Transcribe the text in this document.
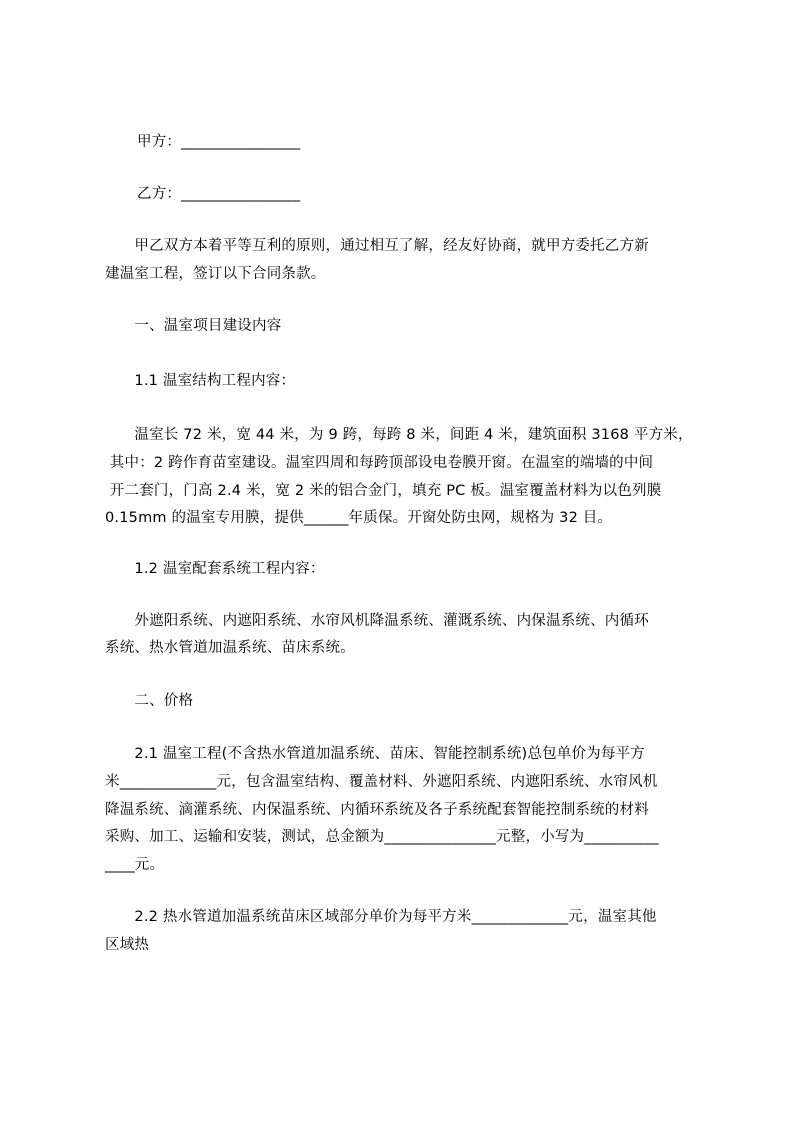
甲方：________________
乙方：________________
　　甲乙双方本着平等互利的原则，通过相互了解，经友好协商，就甲方委托乙方新
建温室工程，签订以下合同条款。
　　一、温室项目建设内容
　　1.1 温室结构工程内容：
　　温室长 72 米，宽 44 米，为 9 跨，每跨 8 米，间距 4 米，建筑面积 3168 平方米，
其中：2 跨作育苗室建设。温室四周和每跨顶部设电卷膜开窗。在温室的端墙的中间
开二套门，门高 2.4 米，宽 2 米的铝合金门，填充 PC 板。温室覆盖材料为以色列膜
0.15mm 的温室专用膜，提供______年质保。开窗处防虫网，规格为 32 目。
　　1.2 温室配套系统工程内容：
　　外遮阳系统、内遮阳系统、水帘风机降温系统、灌溉系统、内保温系统、内循环
系统、热水管道加温系统、苗床系统。
　　二、价格
　　2.1 温室工程(不含热水管道加温系统、苗床、智能控制系统)总包单价为每平方
米_____________元，包含温室结构、覆盖材料、外遮阳系统、内遮阳系统、水帘风机
降温系统、滴灌系统、内保温系统、内循环系统及各子系统配套智能控制系统的材料
采购、加工、运输和安装，测试，总金额为_______________元整，小写为__________
____元。
　　2.2 热水管道加温系统苗床区域部分单价为每平方米_____________元，温室其他
区域热
